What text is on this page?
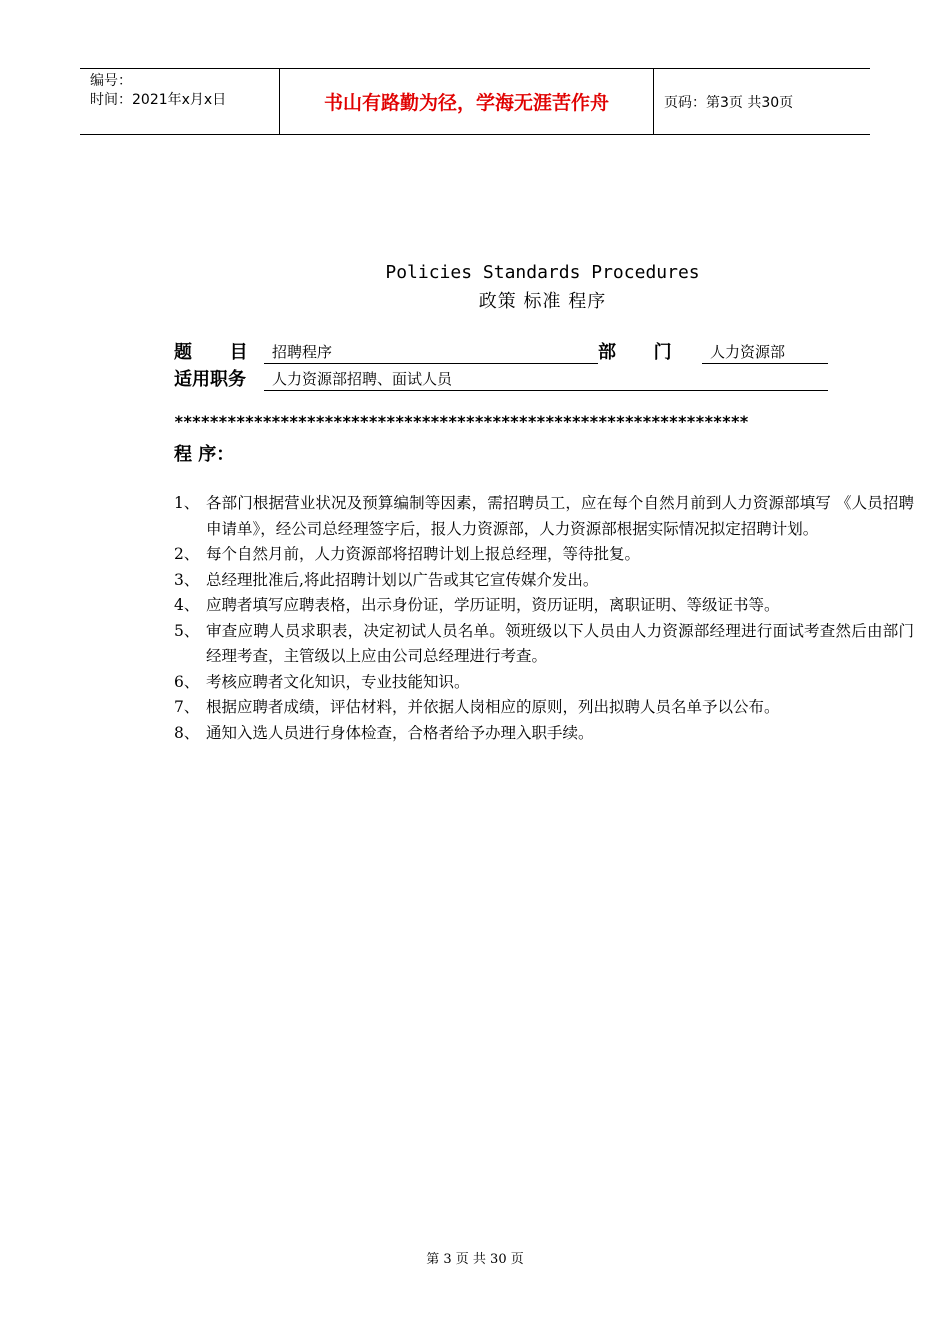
编号：
时间：2021年x月x日	书山有路勤为径，学海无涯苦作舟	页码：第3页 共30页
Policies Standards Procedures
政策 标准 程序
题      目	招聘程序	部      门	人力资源部
适用职务	人力资源部招聘、面试人员
*****************************************************************
程 序：
1、 各部门根据营业状况及预算编制等因素，需招聘员工，应在每个自然月前到人力资源部填写 《人员招聘申请单》，经公司总经理签字后，报人力资源部，人力资源部根据实际情况拟定招聘计划。
2、 每个自然月前，人力资源部将招聘计划上报总经理，等待批复。
3、 总经理批准后,将此招聘计划以广告或其它宣传媒介发出。
4、 应聘者填写应聘表格，出示身份证，学历证明，资历证明，离职证明、等级证书等。
5、 审查应聘人员求职表，决定初试人员名单。领班级以下人员由人力资源部经理进行面试考查然后由部门经理考查，主管级以上应由公司总经理进行考查。
6、 考核应聘者文化知识，专业技能知识。
7、 根据应聘者成绩，评估材料，并依据人岗相应的原则，列出拟聘人员名单予以公布。
8、 通知入选人员进行身体检查，合格者给予办理入职手续。
第 3 页 共 30 页
